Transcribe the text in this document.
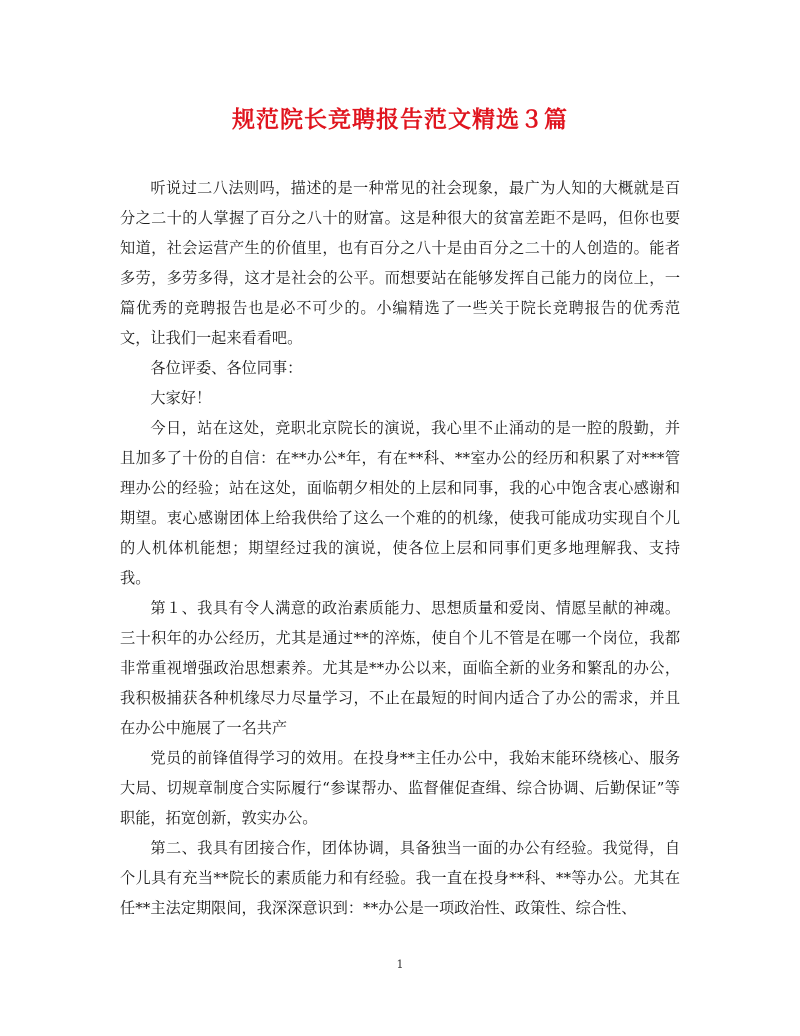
规范院长竞聘报告范文精选３篇

听说过二八法则吗，描述的是一种常见的社会现象，最广为人知的大概就是百分之二十的人掌握了百分之八十的财富。这是种很大的贫富差距不是吗，但你也要知道，社会运营产生的价值里，也有百分之八十是由百分之二十的人创造的。能者多劳，多劳多得，这才是社会的公平。而想要站在能够发挥自己能力的岗位上，一篇优秀的竞聘报告也是必不可少的。小编精选了一些关于院长竞聘报告的优秀范文，让我们一起来看看吧。

各位评委、各位同事：

大家好！

今日，站在这处，竞职北京院长的演说，我心里不止涌动的是一腔的殷勤，并且加多了十份的自信：在**办公*年，有在**科、**室办公的经历和积累了对***管理办公的经验；站在这处，面临朝夕相处的上层和同事，我的心中饱含衷心感谢和期望。衷心感谢团体上给我供给了这么一个难的的机缘，使我可能成功实现自个儿的人机体机能想；期望经过我的演说，使各位上层和同事们更多地理解我、支持我。

第１、我具有令人满意的政治素质能力、思想质量和爱岗、情愿呈献的神魂。三十积年的办公经历，尤其是通过**的淬炼，使自个儿不管是在哪一个岗位，我都非常重视增强政治思想素养。尤其是**办公以来，面临全新的业务和繁乱的办公，我积极捕获各种机缘尽力尽量学习，不止在最短的时间内适合了办公的需求，并且在办公中施展了一名共产

党员的前锋值得学习的效用。在投身**主任办公中，我始末能环绕核心、服务大局、切规章制度合实际履行“参谋帮办、监督催促查缉、综合协调、后勤保证”等职能，拓宽创新，敦实办公。

第二、我具有团接合作，团体协调，具备独当一面的办公有经验。我觉得，自个儿具有充当**院长的素质能力和有经验。我一直在投身**科、**等办公。尤其在任**主法定期限间，我深深意识到：**办公是一项政治性、政策性、综合性、

1
